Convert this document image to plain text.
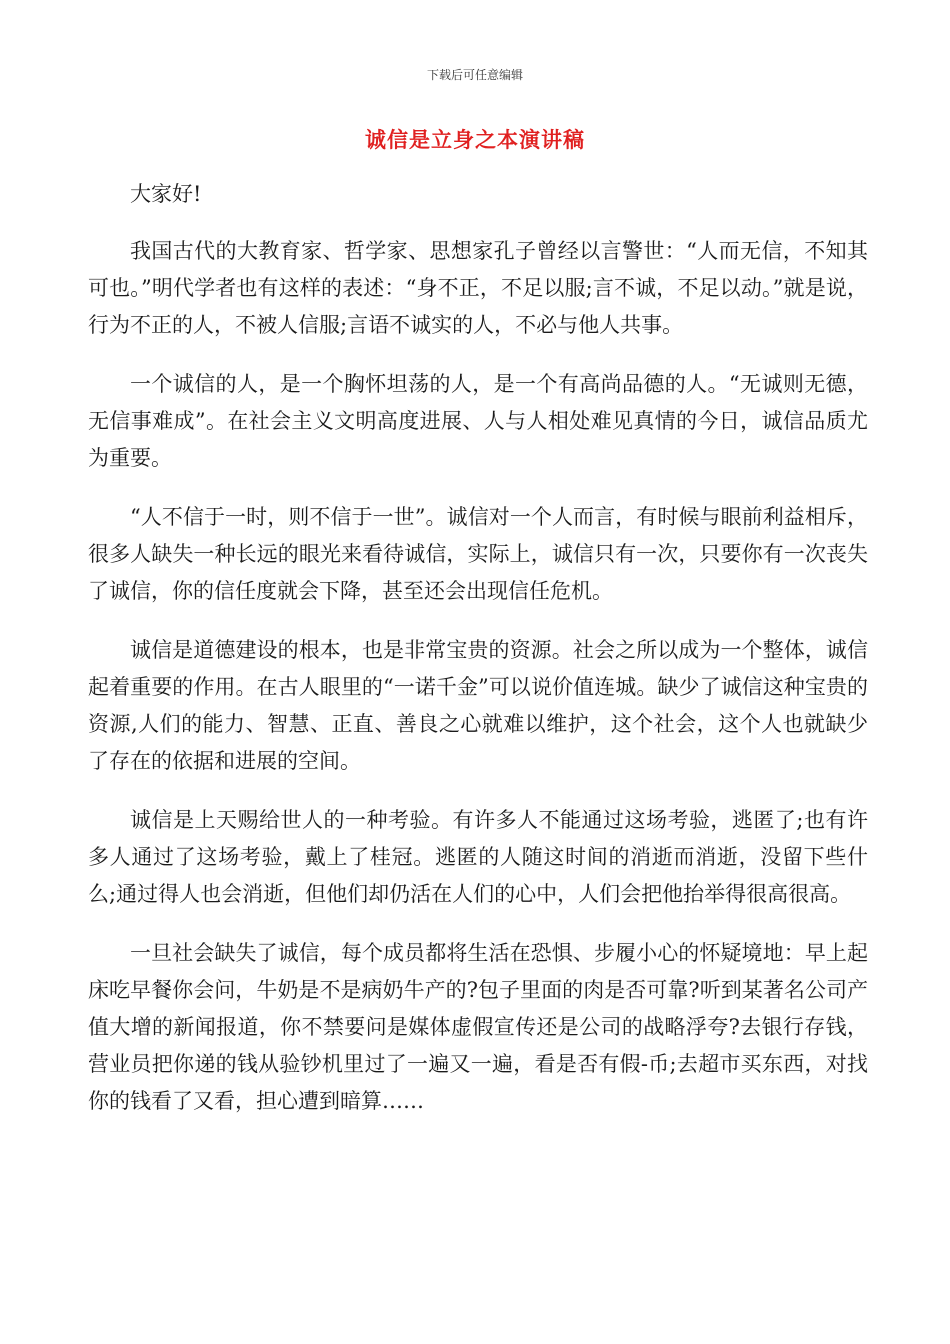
下载后可任意编辑
诚信是立身之本演讲稿

大家好!

我国古代的大教育家、哲学家、思想家孔子曾经以言警世：“人而无信，不知其可也。”明代学者也有这样的表述：“身不正，不足以服;言不诚，不足以动。”就是说，行为不正的人，不被人信服;言语不诚实的人，不必与他人共事。

一个诚信的人，是一个胸怀坦荡的人，是一个有高尚品德的人。“无诚则无德，无信事难成”。在社会主义文明高度进展、人与人相处难见真情的今日，诚信品质尤为重要。

“人不信于一时，则不信于一世”。诚信对一个人而言，有时候与眼前利益相斥，很多人缺失一种长远的眼光来看待诚信，实际上，诚信只有一次，只要你有一次丧失了诚信，你的信任度就会下降，甚至还会出现信任危机。

诚信是道德建设的根本，也是非常宝贵的资源。社会之所以成为一个整体，诚信起着重要的作用。在古人眼里的“一诺千金”可以说价值连城。缺少了诚信这种宝贵的资源,人们的能力、智慧、正直、善良之心就难以维护，这个社会，这个人也就缺少了存在的依据和进展的空间。

诚信是上天赐给世人的一种考验。有许多人不能通过这场考验，逃匿了;也有许多人通过了这场考验，戴上了桂冠。逃匿的人随这时间的消逝而消逝，没留下些什么;通过得人也会消逝，但他们却仍活在人们的心中，人们会把他抬举得很高很高。

一旦社会缺失了诚信，每个成员都将生活在恐惧、步履小心的怀疑境地：早上起床吃早餐你会问，牛奶是不是病奶牛产的?包子里面的肉是否可靠?听到某著名公司产值大增的新闻报道，你不禁要问是媒体虚假宣传还是公司的战略浮夸?去银行存钱，营业员把你递的钱从验钞机里过了一遍又一遍，看是否有假-币;去超市买东西，对找你的钱看了又看，担心遭到暗算……
